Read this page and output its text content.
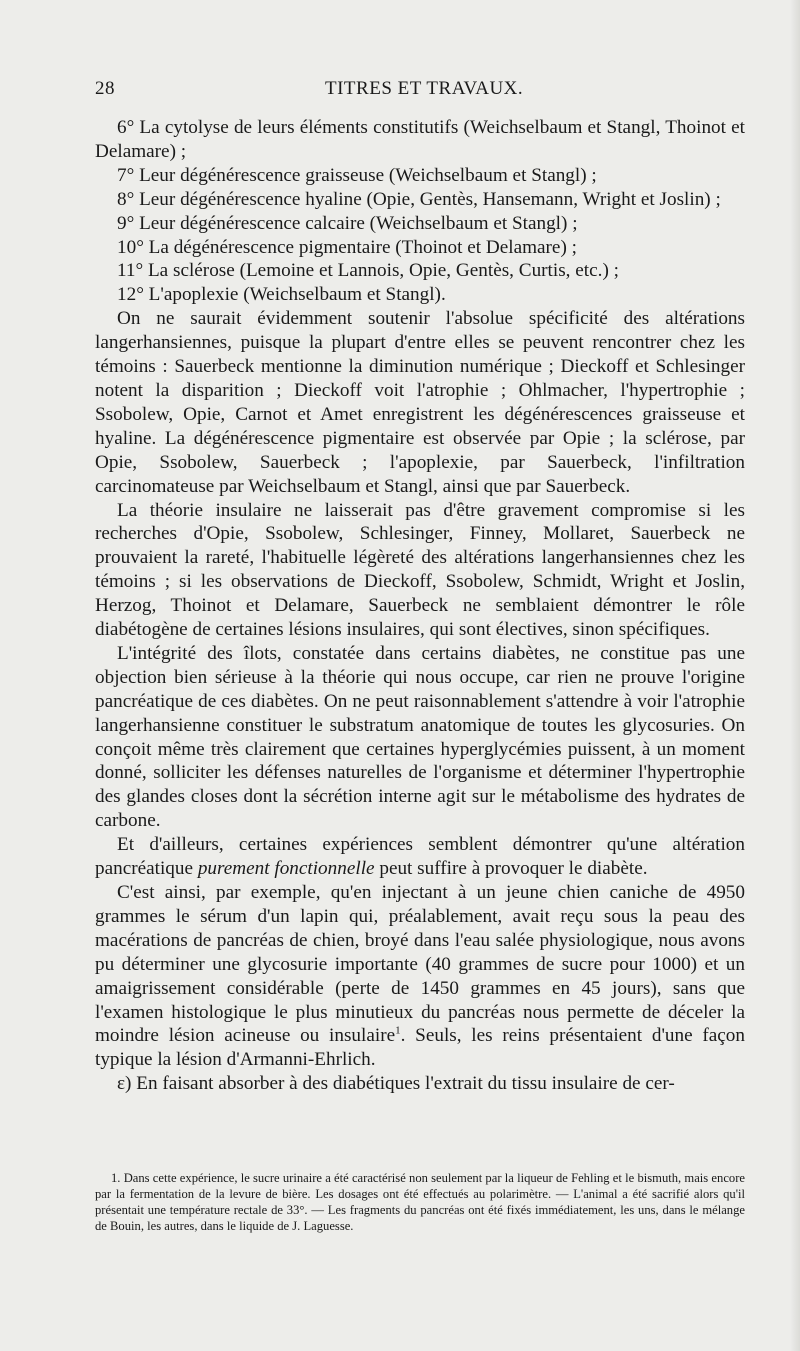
28	TITRES ET TRAVAUX.

6° La cytolyse de leurs éléments constitutifs (Weichselbaum et Stangl, Thoinot et Delamare) ;

7° Leur dégénérescence graisseuse (Weichselbaum et Stangl) ;

8° Leur dégénérescence hyaline (Opie, Gentès, Hansemann, Wright et Joslin) ;

9° Leur dégénérescence calcaire (Weichselbaum et Stangl) ;

10° La dégénérescence pigmentaire (Thoinot et Delamare) ;

11° La sclérose (Lemoine et Lannois, Opie, Gentès, Curtis, etc.) ;

12° L'apoplexie (Weichselbaum et Stangl).

On ne saurait évidemment soutenir l'absolue spécificité des altérations langerhansiennes, puisque la plupart d'entre elles se peuvent rencontrer chez les témoins : Sauerbeck mentionne la diminution numérique ; Dieckoff et Schlesinger notent la disparition ; Dieckoff voit l'atrophie ; Ohlmacher, l'hypertrophie ; Ssobolew, Opie, Carnot et Amet enregistrent les dégénérescences graisseuse et hyaline. La dégénérescence pigmentaire est observée par Opie ; la sclérose, par Opie, Ssobolew, Sauerbeck ; l'apoplexie, par Sauerbeck, l'infiltration carcinomateuse par Weichselbaum et Stangl, ainsi que par Sauerbeck.

La théorie insulaire ne laisserait pas d'être gravement compromise si les recherches d'Opie, Ssobolew, Schlesinger, Finney, Mollaret, Sauerbeck ne prouvaient la rareté, l'habituelle légèreté des altérations langerhansiennes chez les témoins ; si les observations de Dieckoff, Ssobolew, Schmidt, Wright et Joslin, Herzog, Thoinot et Delamare, Sauerbeck ne semblaient démontrer le rôle diabétogène de certaines lésions insulaires, qui sont électives, sinon spécifiques.

L'intégrité des îlots, constatée dans certains diabètes, ne constitue pas une objection bien sérieuse à la théorie qui nous occupe, car rien ne prouve l'origine pancréatique de ces diabètes. On ne peut raisonnablement s'attendre à voir l'atrophie langerhansienne constituer le substratum anatomique de toutes les glycosuries. On conçoit même très clairement que certaines hyperglycémies puissent, à un moment donné, solliciter les défenses naturelles de l'organisme et déterminer l'hypertrophie des glandes closes dont la sécrétion interne agit sur le métabolisme des hydrates de carbone.

Et d'ailleurs, certaines expériences semblent démontrer qu'une altération pancréatique purement fonctionnelle peut suffire à provoquer le diabète.

C'est ainsi, par exemple, qu'en injectant à un jeune chien caniche de 4950 grammes le sérum d'un lapin qui, préalablement, avait reçu sous la peau des macérations de pancréas de chien, broyé dans l'eau salée physiologique, nous avons pu déterminer une glycosurie importante (40 grammes de sucre pour 1000) et un amaigrissement considérable (perte de 1450 grammes en 45 jours), sans que l'examen histologique le plus minutieux du pancréas nous permette de déceler la moindre lésion acineuse ou insulaire$^1$. Seuls, les reins présentaient d'une façon typique la lésion d'Armanni-Ehrlich.

ε) En faisant absorber à des diabétiques l'extrait du tissu insulaire de cer-

1. Dans cette expérience, le sucre urinaire a été caractérisé non seulement par la liqueur de Fehling et le bismuth, mais encore par la fermentation de la levure de bière. Les dosages ont été effectués au polarimètre. — L'animal a été sacrifié alors qu'il présentait une température rectale de 33°. — Les fragments du pancréas ont été fixés immédiatement, les uns, dans le mélange de Bouin, les autres, dans le liquide de J. Laguesse.
